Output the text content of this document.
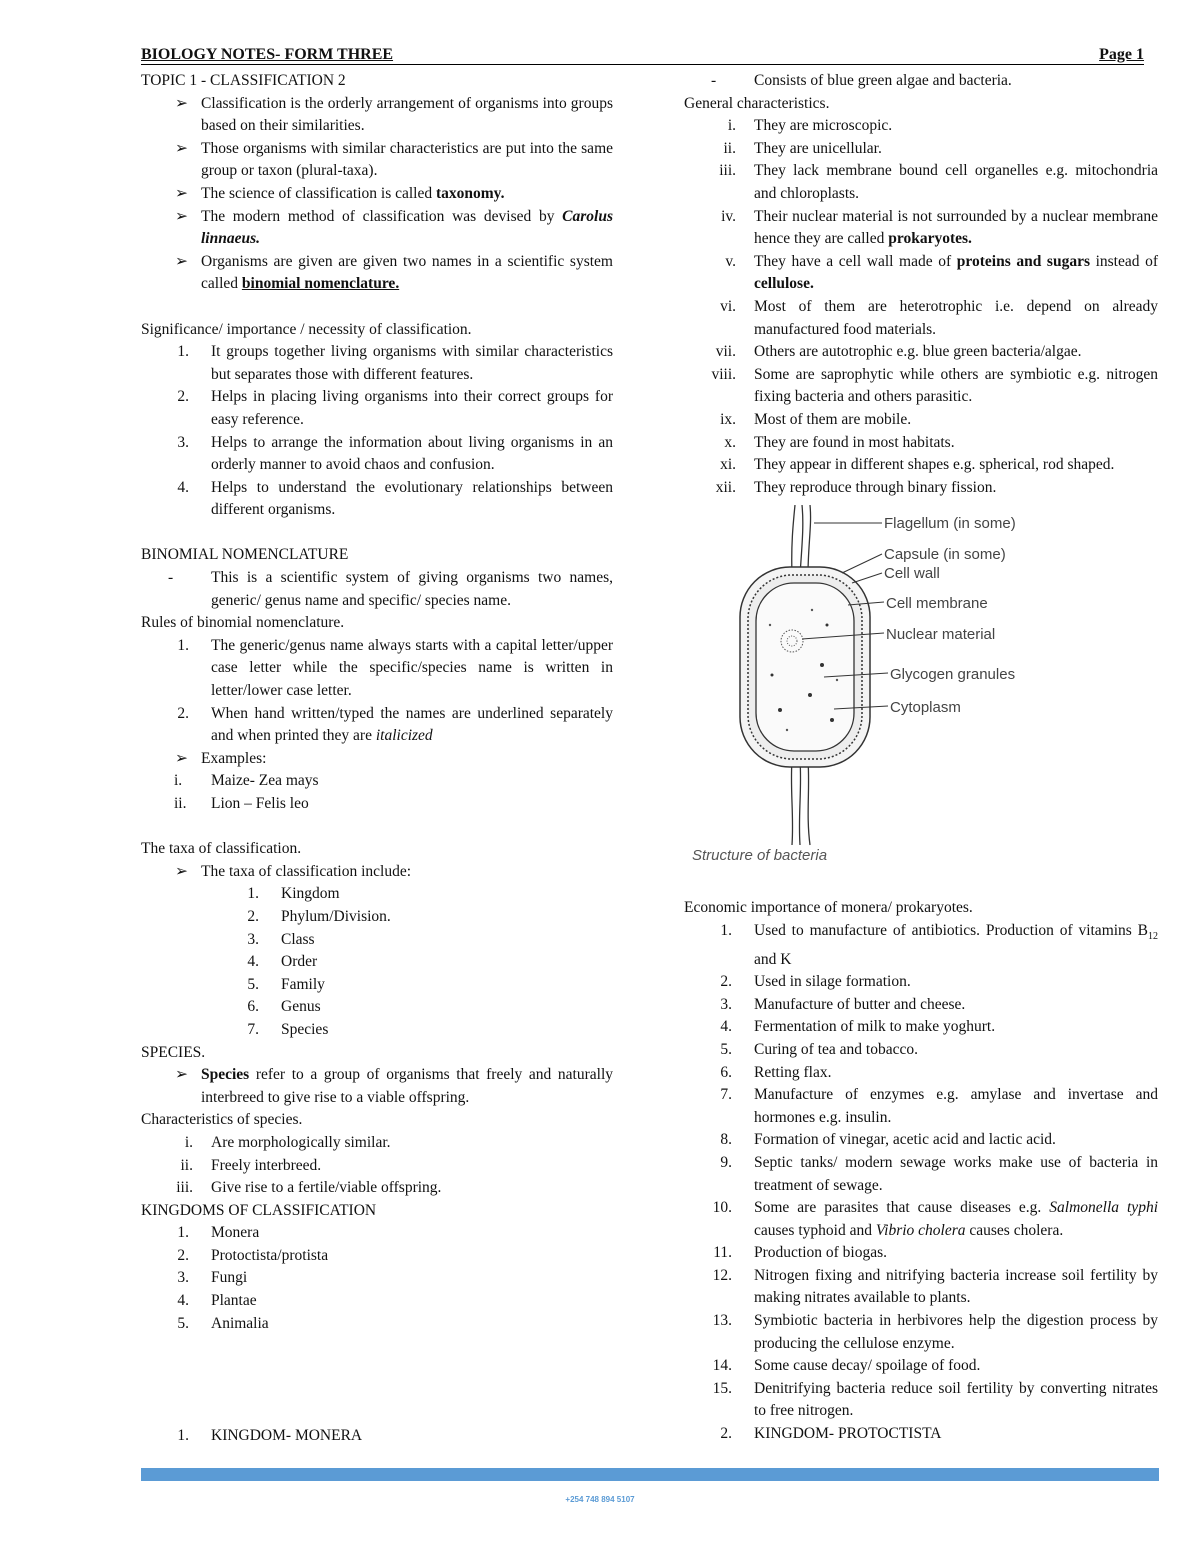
BIOLOGY NOTES- FORM THREE	Page 1

TOPIC 1 - CLASSIFICATION 2

➢ Classification is the orderly arrangement of organisms into groups based on their similarities.
➢ Those organisms with similar characteristics are put into the same group or taxon (plural-taxa).
➢ The science of classification is called taxonomy.
➢ The modern method of classification was devised by Carolus linnaeus.
➢ Organisms are given are given two names in a scientific system called binomial nomenclature.

Significance/ importance / necessity of classification.

1.	It groups together living organisms with similar characteristics but separates those with different features.
2.	Helps in placing living organisms into their correct groups for easy reference.
3.	Helps to arrange the information about living organisms in an orderly manner to avoid chaos and confusion.
4.	Helps to understand the evolutionary relationships between different organisms.

BINOMIAL NOMENCLATURE

-	This is a scientific system of giving organisms two names, generic/ genus name and specific/ species name.

Rules of binomial nomenclature.

1.	The generic/genus name always starts with a capital letter/upper case letter while the specific/species name is written in letter/lower case letter.
2.	When hand written/typed the names are underlined separately and when printed they are italicized
➢ Examples:
i.	Maize- Zea mays
ii.	Lion – Felis leo

The taxa of classification.

➢ The taxa of classification include:
1.	Kingdom
2.	Phylum/Division.
3.	Class
4.	Order
5.	Family
6.	Genus
7.	Species

SPECIES.

➢ Species refer to a group of organisms that freely and naturally interbreed to give rise to a viable offspring.

Characteristics of species.

i.	Are morphologically similar.
ii.	Freely interbreed.
iii.	Give rise to a fertile/viable offspring.

KINGDOMS OF CLASSIFICATION

1.	Monera
2.	Protoctista/protista
3.	Fungi
4.	Plantae
5.	Animalia
1.	KINGDOM- MONERA
-	Consists of blue green algae and bacteria.

General characteristics.

i.	They are microscopic.
ii.	They are unicellular.
iii.	They lack membrane bound cell organelles e.g. mitochondria and chloroplasts.
iv.	Their nuclear material is not surrounded by a nuclear membrane hence they are called prokaryotes.
v.	They have a cell wall made of proteins and sugars instead of cellulose.
vi.	Most of them are heterotrophic i.e. depend on already manufactured food materials.
vii.	Others are autotrophic e.g. blue green bacteria/algae.
viii.	Some are saprophytic while others are symbiotic e.g. nitrogen fixing bacteria and others parasitic.
ix.	Most of them are mobile.
x.	They are found in most habitats.
xi.	They appear in different shapes e.g. spherical, rod shaped.
xii.	They reproduce through binary fission.
Flagellum (in some)
Capsule (in some)
Cell wall
Cell membrane
Nuclear material
Glycogen granules
Cytoplasm
Structure of bacteria

Economic importance of monera/ prokaryotes.

1.	Used to manufacture of antibiotics. Production of vitamins $B_{12}$ and K
2.	Used in silage formation.
3.	Manufacture of butter and cheese.
4.	Fermentation of milk to make yoghurt.
5.	Curing of tea and tobacco.
6.	Retting flax.
7.	Manufacture of enzymes e.g. amylase and invertase and hormones e.g. insulin.
8.	Formation of vinegar, acetic acid and lactic acid.
9.	Septic tanks/ modern sewage works make use of bacteria in treatment of sewage.
10.	Some are parasites that cause diseases e.g. Salmonella typhi causes typhoid and Vibrio cholera causes cholera.
11.	Production of biogas.
12.	Nitrogen fixing and nitrifying bacteria increase soil fertility by making nitrates available to plants.
13.	Symbiotic bacteria in herbivores help the digestion process by producing the cellulose enzyme.
14.	Some cause decay/ spoilage of food.
15.	Denitrifying bacteria reduce soil fertility by converting nitrates to free nitrogen.
2.	KINGDOM- PROTOCTISTA
+254 748 894 5107
